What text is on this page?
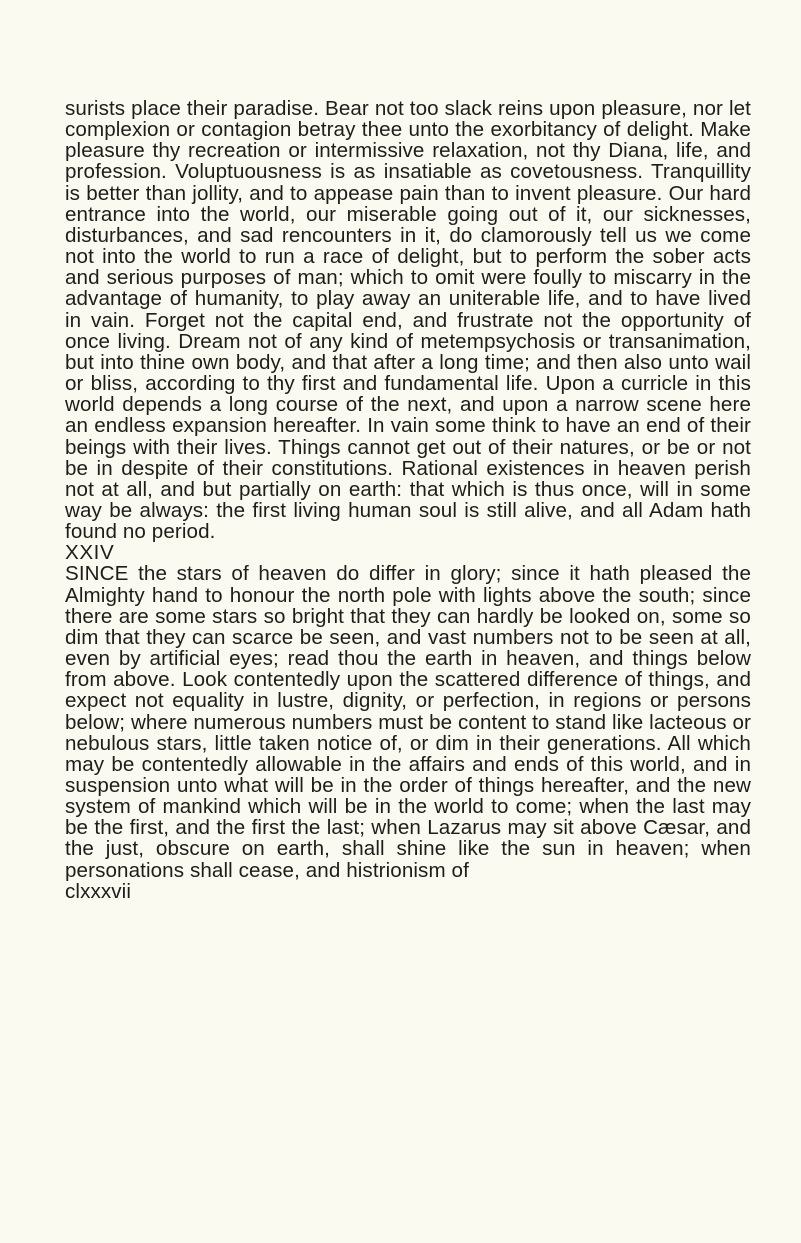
surists place their paradise. Bear not too slack reins upon pleasure, nor let complexion or contagion betray thee unto the exorbitancy of delight. Make pleasure thy recreation or intermissive relaxation, not thy Diana, life, and profession. Voluptuousness is as insatiable as covetousness. Tranquillity is better than jollity, and to appease pain than to invent pleasure. Our hard entrance into the world, our miserable going out of it, our sicknesses, disturbances, and sad rencounters in it, do clamorously tell us we come not into the world to run a race of delight, but to perform the sober acts and serious purposes of man; which to omit were foully to miscarry in the advantage of humanity, to play away an uniterable life, and to have lived in vain. Forget not the capital end, and frustrate not the opportunity of once living. Dream not of any kind of metempsychosis or transanimation, but into thine own body, and that after a long time; and then also unto wail or bliss, according to thy first and fundamental life. Upon a curricle in this world depends a long course of the next, and upon a narrow scene here an endless expansion hereafter. In vain some think to have an end of their beings with their lives. Things cannot get out of their natures, or be or not be in despite of their constitutions. Rational existences in heaven perish not at all, and but partially on earth: that which is thus once, will in some way be always: the first living human soul is still alive, and all Adam hath found no period.

XXIV

SINCE the stars of heaven do differ in glory; since it hath pleased the Almighty hand to honour the north pole with lights above the south; since there are some stars so bright that they can hardly be looked on, some so dim that they can scarce be seen, and vast numbers not to be seen at all, even by artificial eyes; read thou the earth in heaven, and things below from above. Look contentedly upon the scattered difference of things, and expect not equality in lustre, dignity, or perfection, in regions or persons below; where numerous numbers must be content to stand like lacteous or nebulous stars, little taken notice of, or dim in their generations. All which may be contentedly allowable in the affairs and ends of this world, and in suspension unto what will be in the order of things hereafter, and the new system of mankind which will be in the world to come; when the last may be the first, and the first the last; when Lazarus may sit above Cæsar, and the just, obscure on earth, shall shine like the sun in heaven; when personations shall cease, and histrionism of

clxxxvii
